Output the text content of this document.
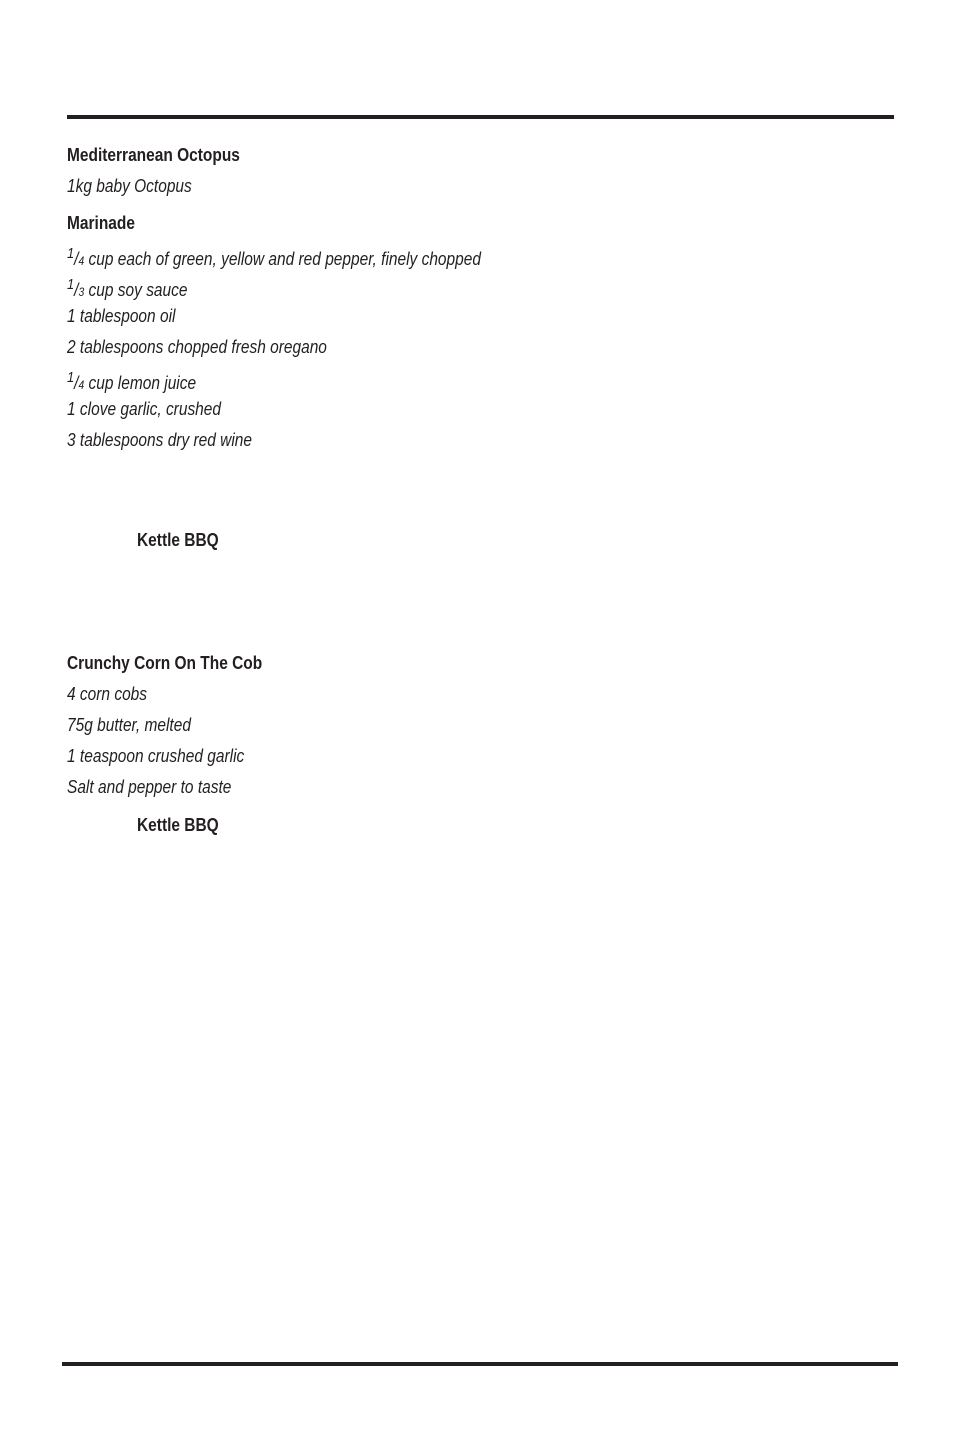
Mediterranean Octopus
1kg baby Octopus
Marinade
$^1$/4 cup each of green, yellow and red pepper, finely chopped
$^1$/3 cup soy sauce
1 tablespoon oil
2 tablespoons chopped fresh oregano
$^1$/4 cup lemon juice
1 clove garlic, crushed
3 tablespoons dry red wine
Kettle BBQ
Crunchy Corn On The Cob
4 corn cobs
75g butter, melted
1 teaspoon crushed garlic
Salt and pepper to taste
Kettle BBQ
